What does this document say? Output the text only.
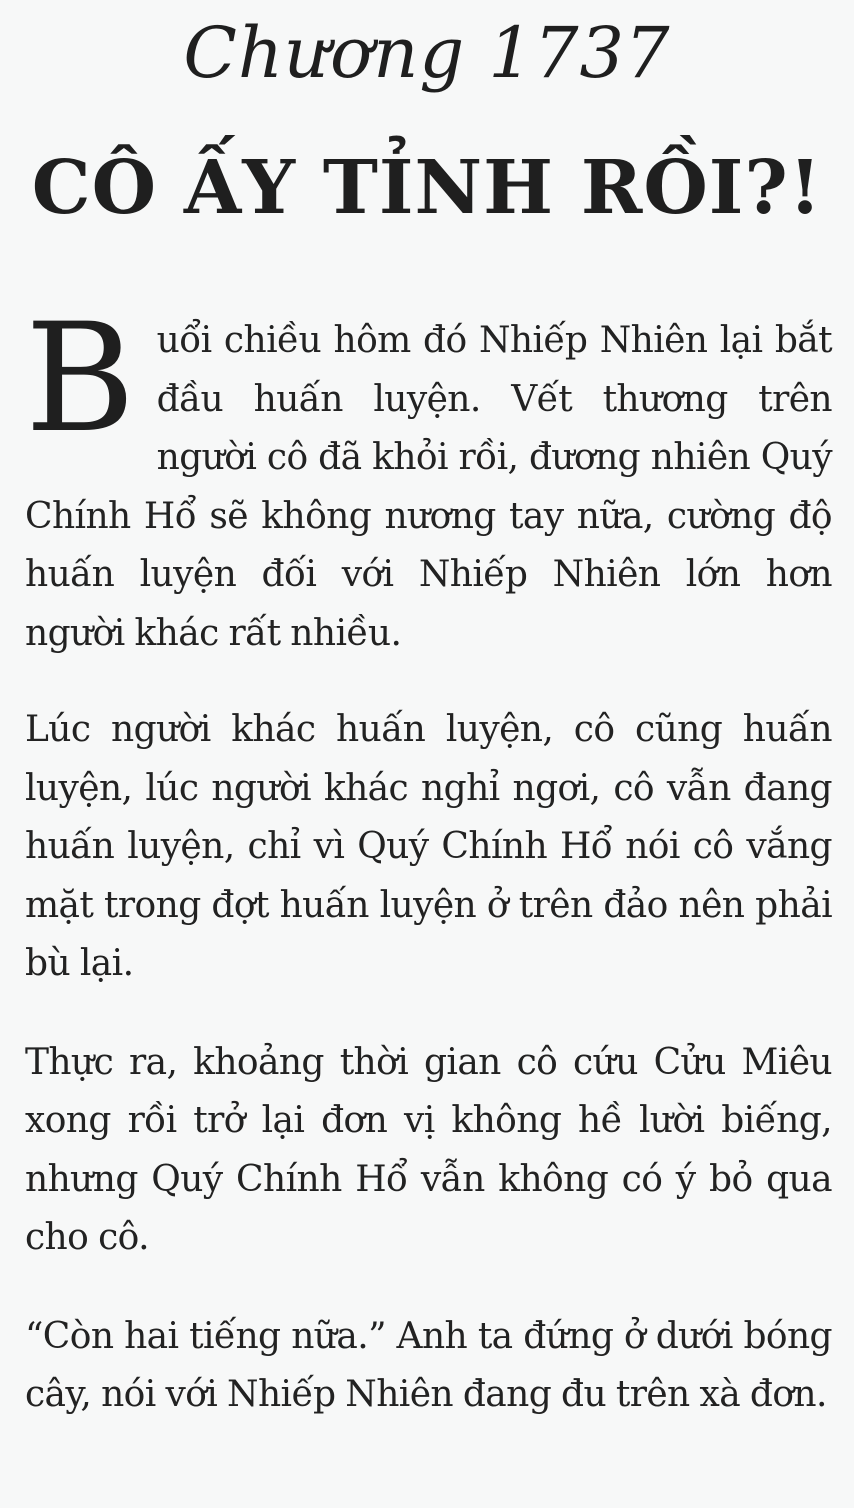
Chương 1737
CÔ ẤY TỈNH RỒI?!

Buổi chiều hôm đó Nhiếp Nhiên lại bắt đầu huấn luyện. Vết thương trên người cô đã khỏi rồi, đương nhiên Quý Chính Hổ sẽ không nương tay nữa, cường độ huấn luyện đối với Nhiếp Nhiên lớn hơn người khác rất nhiều.

Lúc người khác huấn luyện, cô cũng huấn luyện, lúc người khác nghỉ ngơi, cô vẫn đang huấn luyện, chỉ vì Quý Chính Hổ nói cô vắng mặt trong đợt huấn luyện ở trên đảo nên phải bù lại.

Thực ra, khoảng thời gian cô cứu Cửu Miêu xong rồi trở lại đơn vị không hề lười biếng, nhưng Quý Chính Hổ vẫn không có ý bỏ qua cho cô.

“Còn hai tiếng nữa.” Anh ta đứng ở dưới bóng cây, nói với Nhiếp Nhiên đang đu trên xà đơn.
